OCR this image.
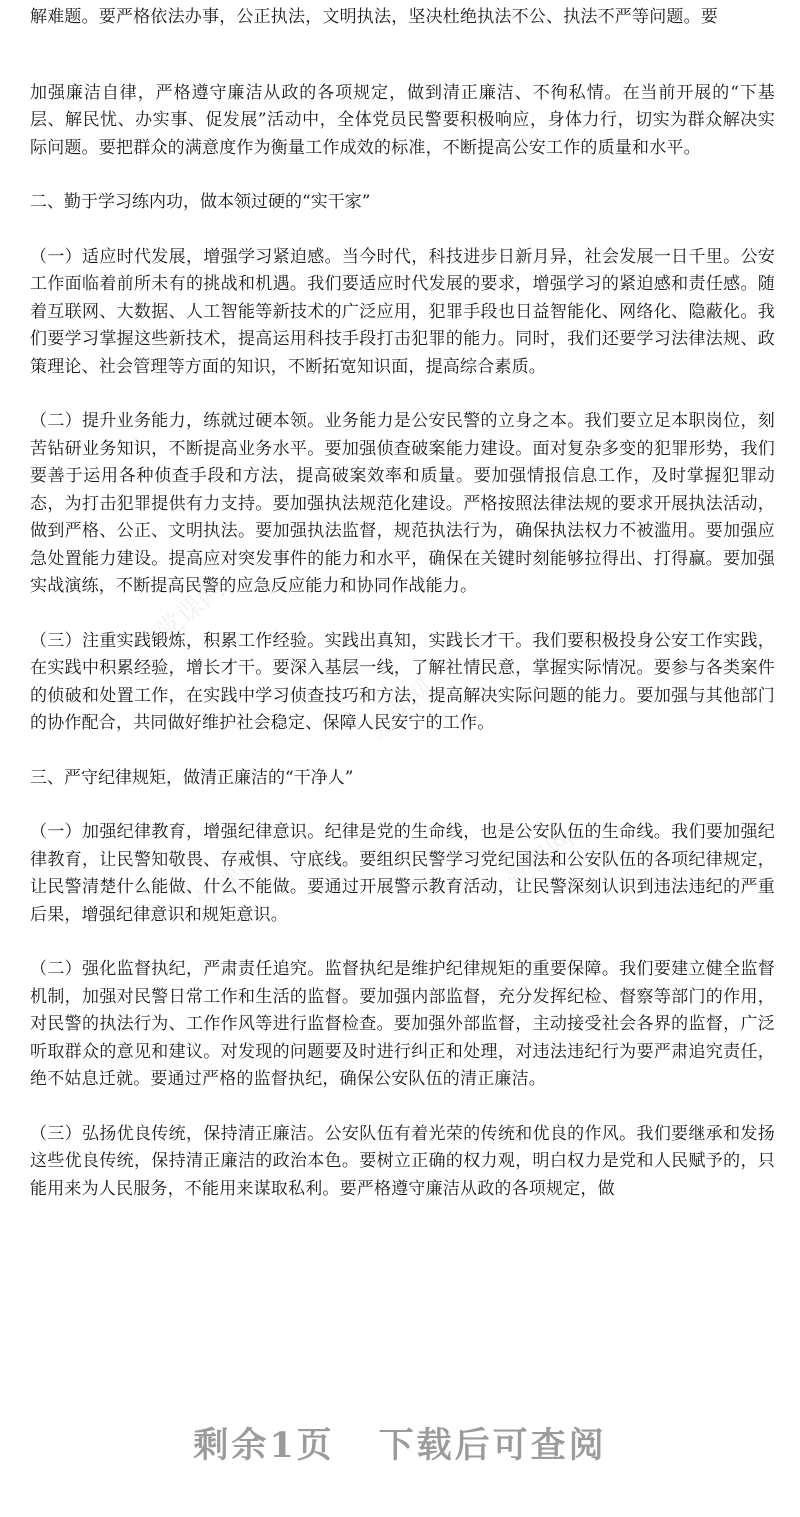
党课网
党课网	党课网
党课网

解难题。要严格依法办事，公正执法，文明执法，坚决杜绝执法不公、执法不严等问题。要

加强廉洁自律，严格遵守廉洁从政的各项规定，做到清正廉洁、不徇私情。在当前开展的“下基层、解民忧、办实事、促发展”活动中，全体党员民警要积极响应，身体力行，切实为群众解决实际问题。要把群众的满意度作为衡量工作成效的标准，不断提高公安工作的质量和水平。

二、勤于学习练内功，做本领过硬的“实干家”

（一）适应时代发展，增强学习紧迫感。当今时代，科技进步日新月异，社会发展一日千里。公安工作面临着前所未有的挑战和机遇。我们要适应时代发展的要求，增强学习的紧迫感和责任感。随着互联网、大数据、人工智能等新技术的广泛应用，犯罪手段也日益智能化、网络化、隐蔽化。我们要学习掌握这些新技术，提高运用科技手段打击犯罪的能力。同时，我们还要学习法律法规、政策理论、社会管理等方面的知识，不断拓宽知识面，提高综合素质。

（二）提升业务能力，练就过硬本领。业务能力是公安民警的立身之本。我们要立足本职岗位，刻苦钻研业务知识，不断提高业务水平。要加强侦查破案能力建设。面对复杂多变的犯罪形势，我们要善于运用各种侦查手段和方法，提高破案效率和质量。要加强情报信息工作，及时掌握犯罪动态，为打击犯罪提供有力支持。要加强执法规范化建设。严格按照法律法规的要求开展执法活动，做到严格、公正、文明执法。要加强执法监督，规范执法行为，确保执法权力不被滥用。要加强应急处置能力建设。提高应对突发事件的能力和水平，确保在关键时刻能够拉得出、打得赢。要加强实战演练，不断提高民警的应急反应能力和协同作战能力。

（三）注重实践锻炼，积累工作经验。实践出真知，实践长才干。我们要积极投身公安工作实践，在实践中积累经验，增长才干。要深入基层一线，了解社情民意，掌握实际情况。要参与各类案件的侦破和处置工作，在实践中学习侦查技巧和方法，提高解决实际问题的能力。要加强与其他部门的协作配合，共同做好维护社会稳定、保障人民安宁的工作。

三、严守纪律规矩，做清正廉洁的“干净人”

（一）加强纪律教育，增强纪律意识。纪律是党的生命线，也是公安队伍的生命线。我们要加强纪律教育，让民警知敬畏、存戒惧、守底线。要组织民警学习党纪国法和公安队伍的各项纪律规定，让民警清楚什么能做、什么不能做。要通过开展警示教育活动，让民警深刻认识到违法违纪的严重后果，增强纪律意识和规矩意识。

（二）强化监督执纪，严肃责任追究。监督执纪是维护纪律规矩的重要保障。我们要建立健全监督机制，加强对民警日常工作和生活的监督。要加强内部监督，充分发挥纪检、督察等部门的作用，对民警的执法行为、工作作风等进行监督检查。要加强外部监督，主动接受社会各界的监督，广泛听取群众的意见和建议。对发现的问题要及时进行纠正和处理，对违法违纪行为要严肃追究责任，绝不姑息迁就。要通过严格的监督执纪，确保公安队伍的清正廉洁。

（三）弘扬优良传统，保持清正廉洁。公安队伍有着光荣的传统和优良的作风。我们要继承和发扬这些优良传统，保持清正廉洁的政治本色。要树立正确的权力观，明白权力是党和人民赋予的，只能用来为人民服务，不能用来谋取私利。要严格遵守廉洁从政的各项规定，做

剩余1页 下载后可查阅
